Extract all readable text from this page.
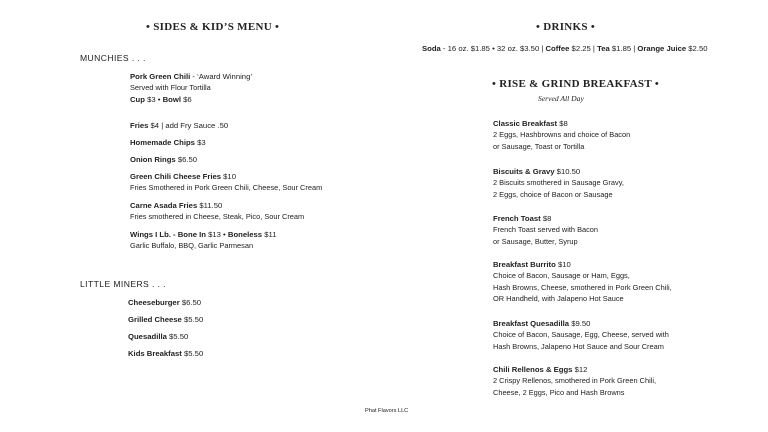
• SIDES & KID’S MENU •
MUNCHIES . . .
Pork Green Chili - ‘Award Winning’
Served with Flour Tortilla
Cup $3 • Bowl $6
Fries $4 | add Fry Sauce .50
Homemade Chips $3
Onion Rings $6.50
Green Chili Cheese Fries $10
Fries Smothered in Pork Green Chili, Cheese, Sour Cream
Carne Asada Fries $11.50
Fries smothered in Cheese, Steak, Pico, Sour Cream
Wings I Lb. - Bone In $13 • Boneless $11
Garlic Buffalo, BBQ, Garlic Parmesan
LITTLE MINERS . . .
Cheeseburger $6.50
Grilled Cheese $5.50
Quesadilla $5.50
Kids Breakfast $5.50
• DRINKS •
Soda - 16 oz. $1.85 • 32 oz. $3.50 | Coffee $2.25 | Tea $1.85 | Orange Juice $2.50
• RISE & GRIND BREAKFAST •
Served All Day
Classic Breakfast $8
2 Eggs, Hashbrowns and choice of Bacon
or Sausage, Toast or Tortilla
Biscuits & Gravy $10.50
2 Biscuits smothered in Sausage Gravy,
2 Eggs, choice of Bacon or Sausage
French Toast $8
French Toast served with Bacon
or Sausage, Butter, Syrup
Breakfast Burrito $10
Choice of Bacon, Sausage or Ham, Eggs,
Hash Browns, Cheese, smothered in Pork Green Chili,
OR Handheld, with Jalapeno Hot Sauce
Breakfast Quesadilla $9.50
Choice of Bacon, Sausage, Egg, Cheese, served with
Hash Browns, Jalapeno Hot Sauce and Sour Cream
Chili Rellenos & Eggs $12
2 Crispy Rellenos, smothered in Pork Green Chili,
Cheese, 2 Eggs, Pico and Hash Browns
Phat Flavors LLC
